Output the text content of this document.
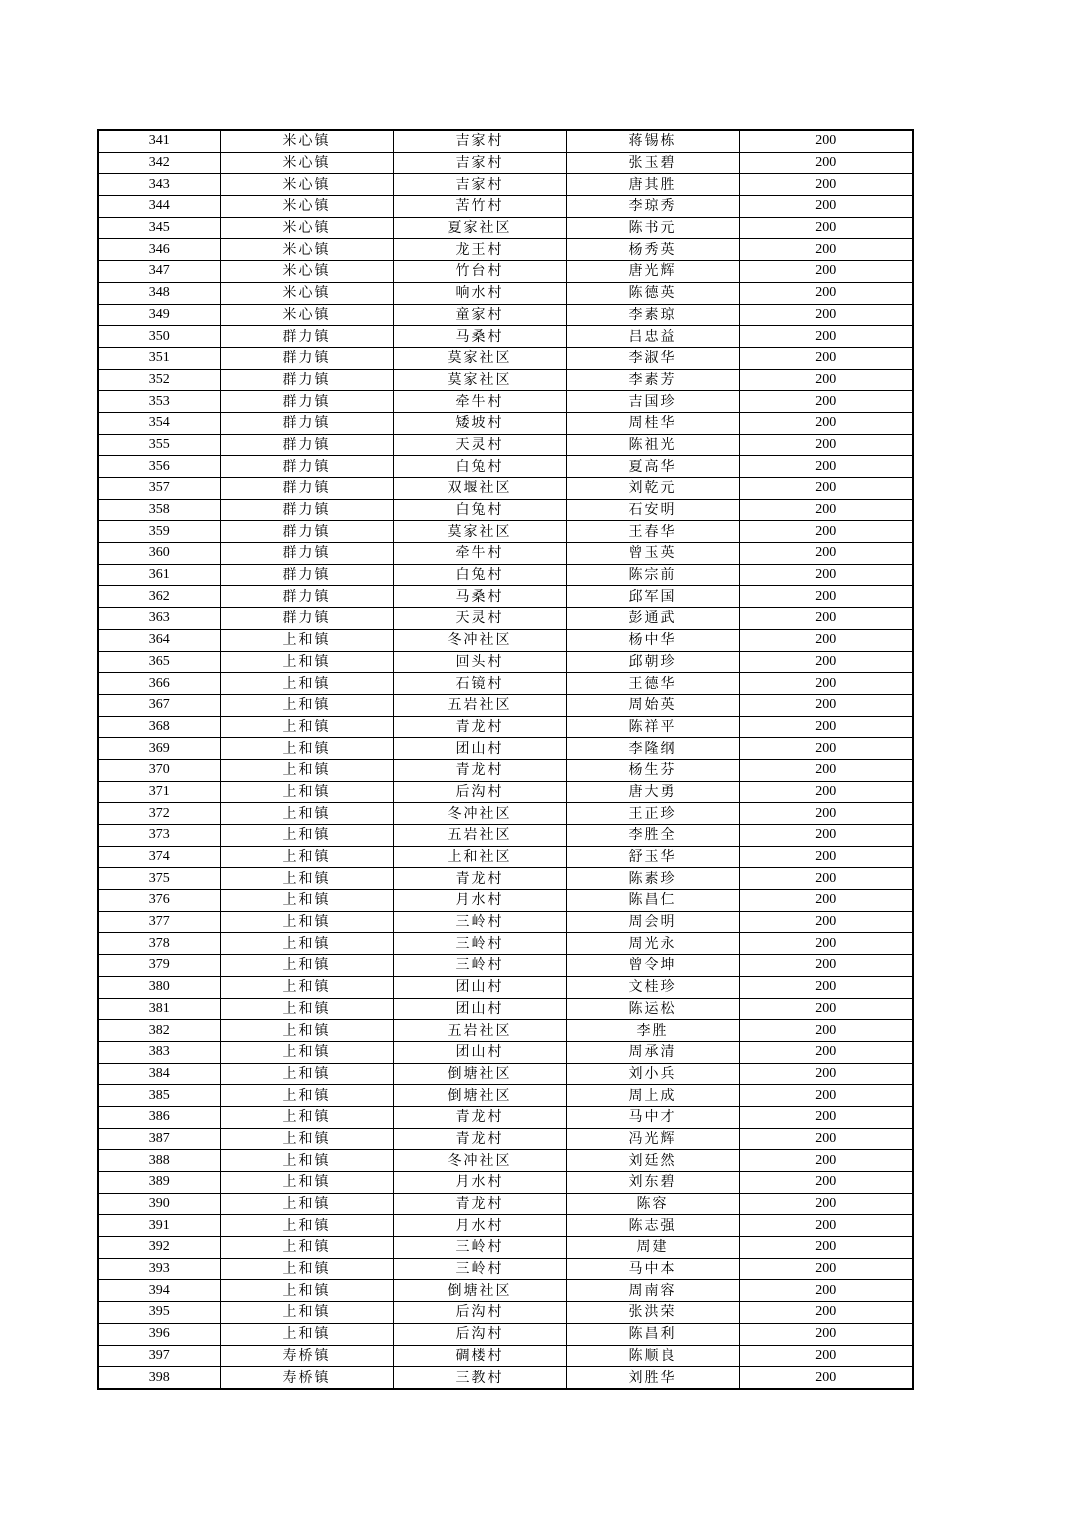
341	米心镇	吉家村	蒋锡栋	200
342	米心镇	吉家村	张玉碧	200
343	米心镇	吉家村	唐其胜	200
344	米心镇	苦竹村	李琼秀	200
345	米心镇	夏家社区	陈书元	200
346	米心镇	龙王村	杨秀英	200
347	米心镇	竹台村	唐光辉	200
348	米心镇	响水村	陈德英	200
349	米心镇	童家村	李素琼	200
350	群力镇	马桑村	吕忠益	200
351	群力镇	莫家社区	李淑华	200
352	群力镇	莫家社区	李素芳	200
353	群力镇	牵牛村	吉国珍	200
354	群力镇	矮坡村	周桂华	200
355	群力镇	天灵村	陈祖光	200
356	群力镇	白兔村	夏高华	200
357	群力镇	双堰社区	刘乾元	200
358	群力镇	白兔村	石安明	200
359	群力镇	莫家社区	王春华	200
360	群力镇	牵牛村	曾玉英	200
361	群力镇	白兔村	陈宗前	200
362	群力镇	马桑村	邱军国	200
363	群力镇	天灵村	彭通武	200
364	上和镇	冬冲社区	杨中华	200
365	上和镇	回头村	邱朝珍	200
366	上和镇	石镜村	王德华	200
367	上和镇	五岩社区	周始英	200
368	上和镇	青龙村	陈祥平	200
369	上和镇	团山村	李隆纲	200
370	上和镇	青龙村	杨生芬	200
371	上和镇	后沟村	唐大勇	200
372	上和镇	冬冲社区	王正珍	200
373	上和镇	五岩社区	李胜全	200
374	上和镇	上和社区	舒玉华	200
375	上和镇	青龙村	陈素珍	200
376	上和镇	月水村	陈昌仁	200
377	上和镇	三岭村	周会明	200
378	上和镇	三岭村	周光永	200
379	上和镇	三岭村	曾令坤	200
380	上和镇	团山村	文桂珍	200
381	上和镇	团山村	陈运松	200
382	上和镇	五岩社区	李胜	200
383	上和镇	团山村	周承清	200
384	上和镇	倒塘社区	刘小兵	200
385	上和镇	倒塘社区	周上成	200
386	上和镇	青龙村	马中才	200
387	上和镇	青龙村	冯光辉	200
388	上和镇	冬冲社区	刘廷然	200
389	上和镇	月水村	刘东碧	200
390	上和镇	青龙村	陈容	200
391	上和镇	月水村	陈志强	200
392	上和镇	三岭村	周建	200
393	上和镇	三岭村	马中本	200
394	上和镇	倒塘社区	周南容	200
395	上和镇	后沟村	张洪荣	200
396	上和镇	后沟村	陈昌利	200
397	寿桥镇	碉楼村	陈顺良	200
398	寿桥镇	三教村	刘胜华	200
